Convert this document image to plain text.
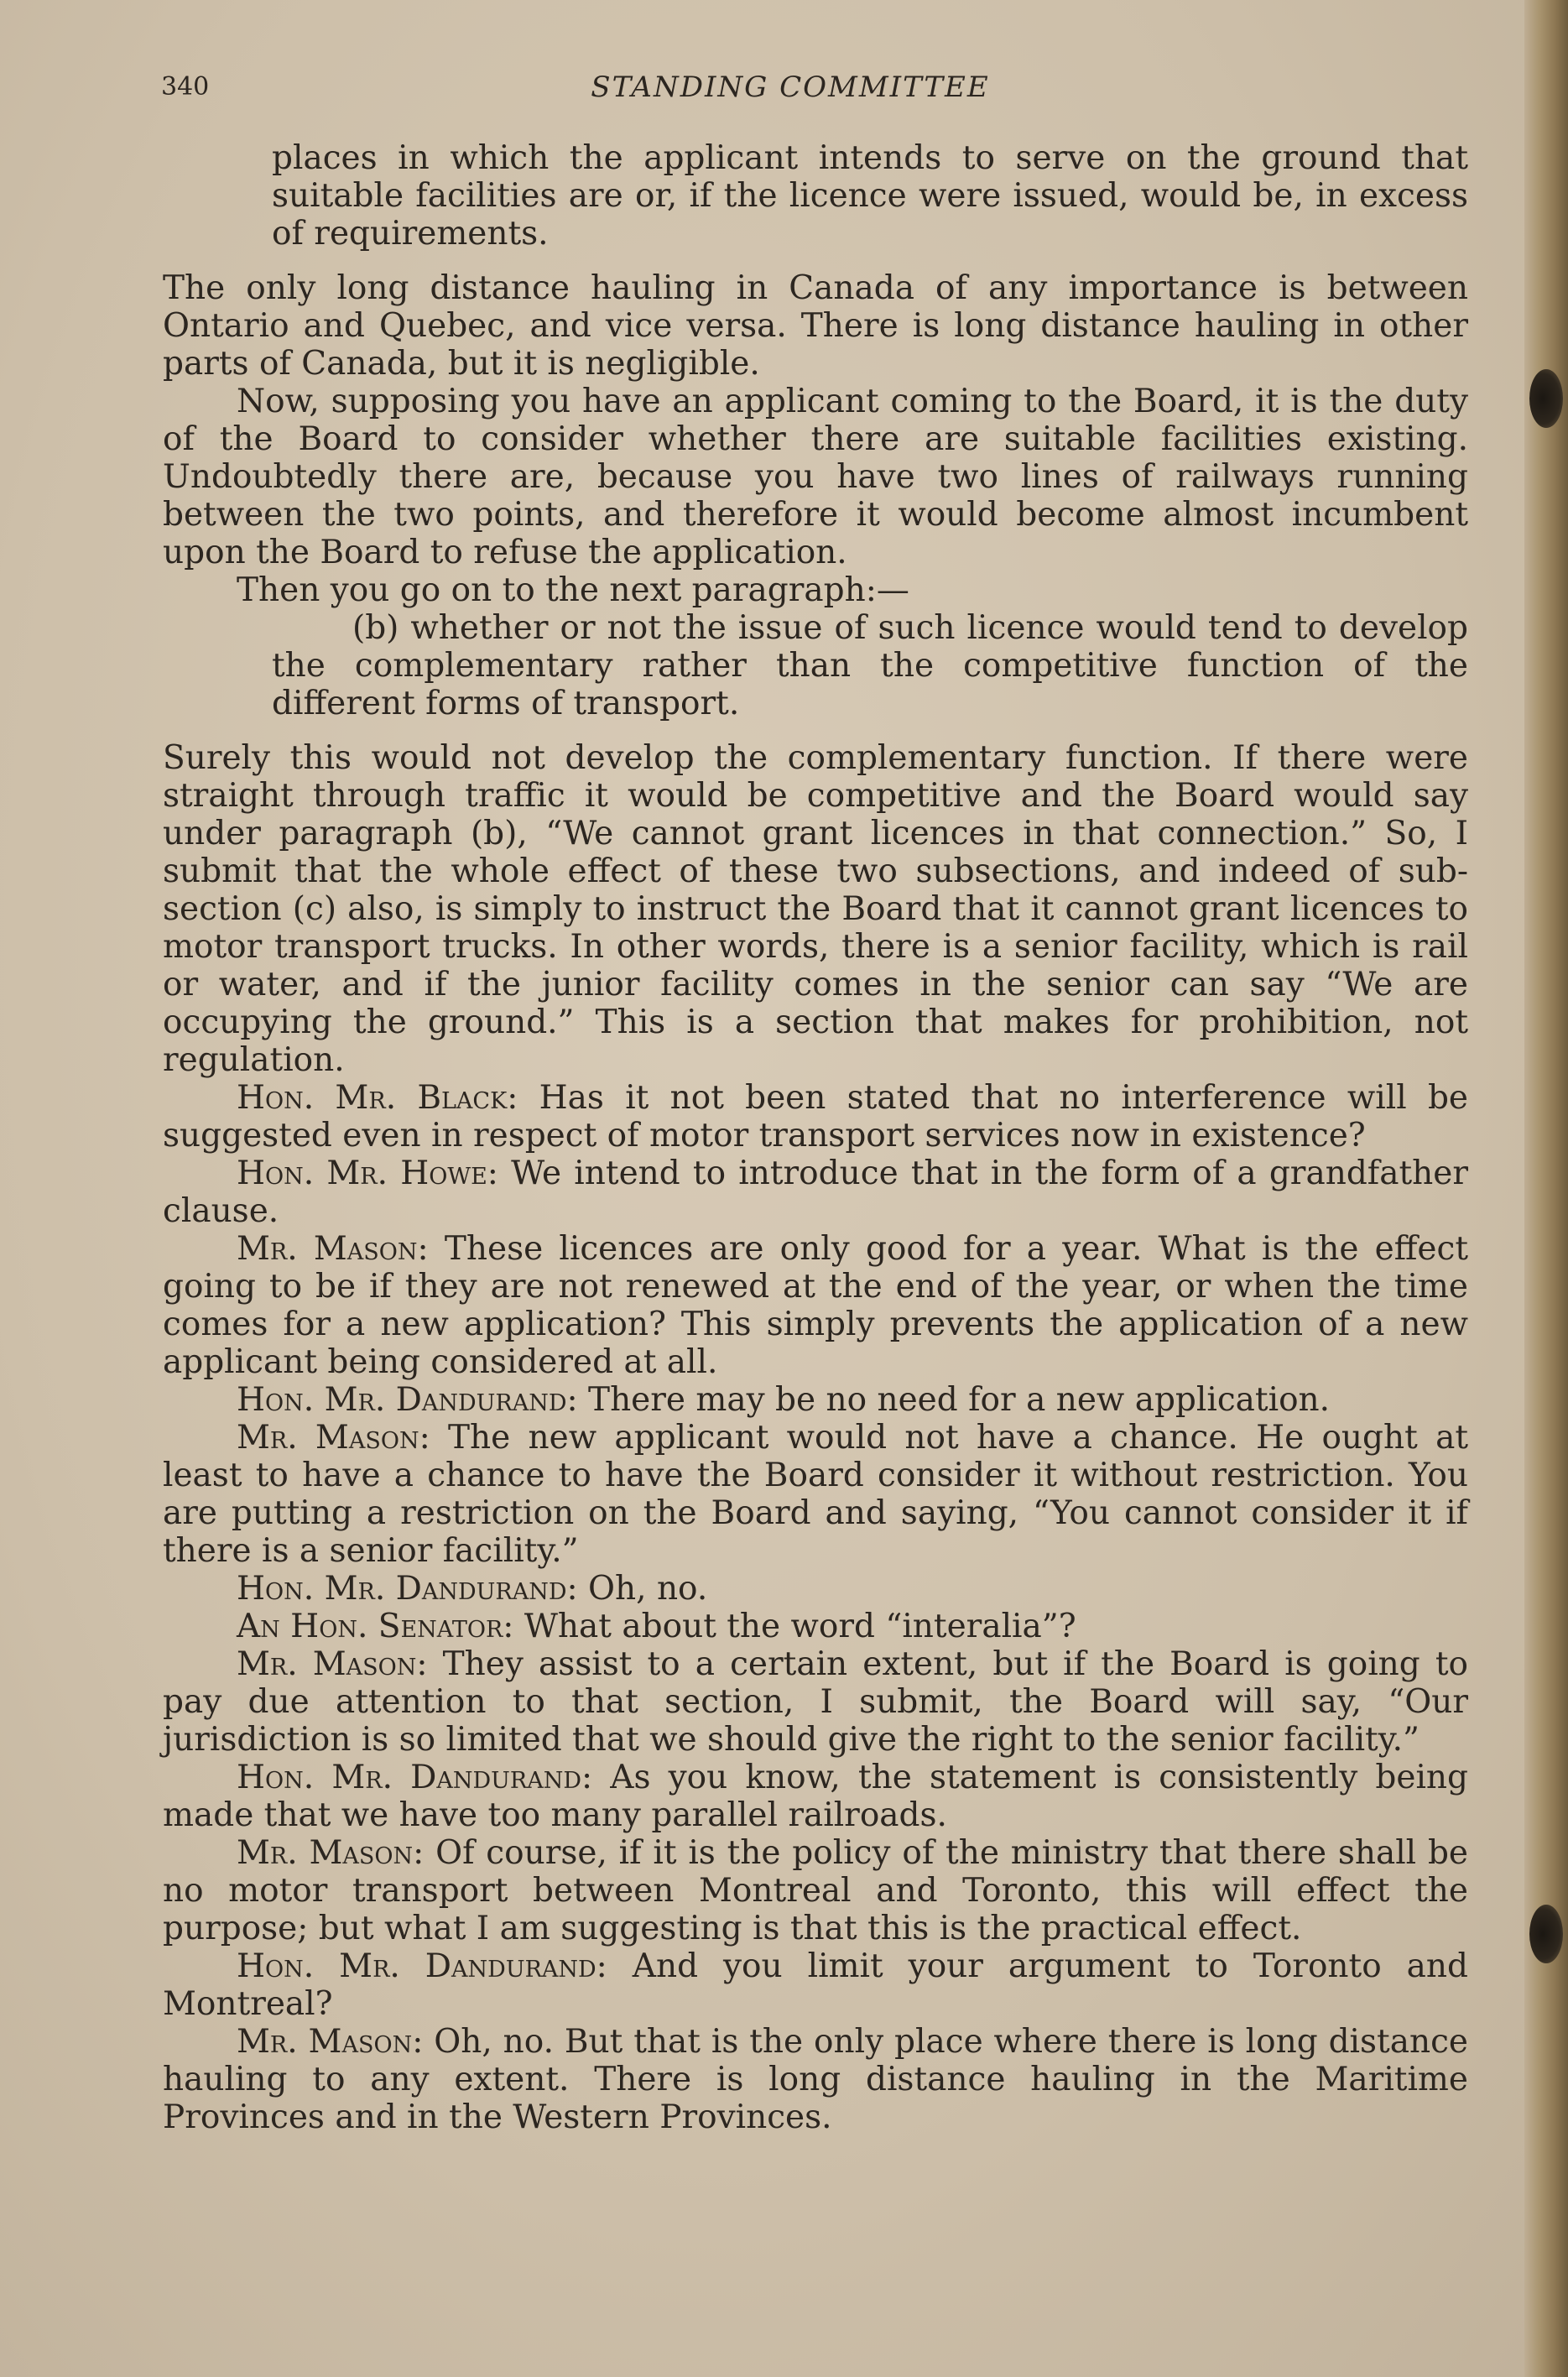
340	STANDING COMMITTEE

places in which the applicant intends to serve on the ground that suitable facilities are or, if the licence were issued, would be, in excess of requirements.

The only long distance hauling in Canada of any importance is between Ontario and Quebec, and vice versa. There is long distance hauling in other parts of Canada, but it is negligible.

Now, supposing you have an applicant coming to the Board, it is the duty of the Board to consider whether there are suitable facilities existing. Undoubtedly there are, because you have two lines of railways running between the two points, and therefore it would become almost incumbent upon the Board to refuse the application.

Then you go on to the next paragraph:—

(b) whether or not the issue of such licence would tend to develop the complementary rather than the competitive function of the different forms of transport.

Surely this would not develop the complementary function. If there were straight through traffic it would be competitive and the Board would say under paragraph (b), “We cannot grant licences in that connection.” So, I submit that the whole effect of these two subsections, and indeed of sub-section (c) also, is simply to instruct the Board that it cannot grant licences to motor transport trucks. In other words, there is a senior facility, which is rail or water, and if the junior facility comes in the senior can say “We are occupying the ground.” This is a section that makes for prohibition, not regulation.

Hon. Mr. Black: Has it not been stated that no interference will be suggested even in respect of motor transport services now in existence?

Hon. Mr. Howe: We intend to introduce that in the form of a grandfather clause.

Mr. Mason: These licences are only good for a year. What is the effect going to be if they are not renewed at the end of the year, or when the time comes for a new application? This simply prevents the application of a new applicant being considered at all.

Hon. Mr. Dandurand: There may be no need for a new application.

Mr. Mason: The new applicant would not have a chance. He ought at least to have a chance to have the Board consider it without restriction. You are putting a restriction on the Board and saying, “You cannot consider it if there is a senior facility.”

Hon. Mr. Dandurand: Oh, no.

An Hon. Senator: What about the word “interalia”?

Mr. Mason: They assist to a certain extent, but if the Board is going to pay due attention to that section, I submit, the Board will say, “Our jurisdiction is so limited that we should give the right to the senior facility.”

Hon. Mr. Dandurand: As you know, the statement is consistently being made that we have too many parallel railroads.

Mr. Mason: Of course, if it is the policy of the ministry that there shall be no motor transport between Montreal and Toronto, this will effect the purpose; but what I am suggesting is that this is the practical effect.

Hon. Mr. Dandurand: And you limit your argument to Toronto and Montreal?

Mr. Mason: Oh, no. But that is the only place where there is long distance hauling to any extent. There is long distance hauling in the Maritime Provinces and in the Western Provinces.
